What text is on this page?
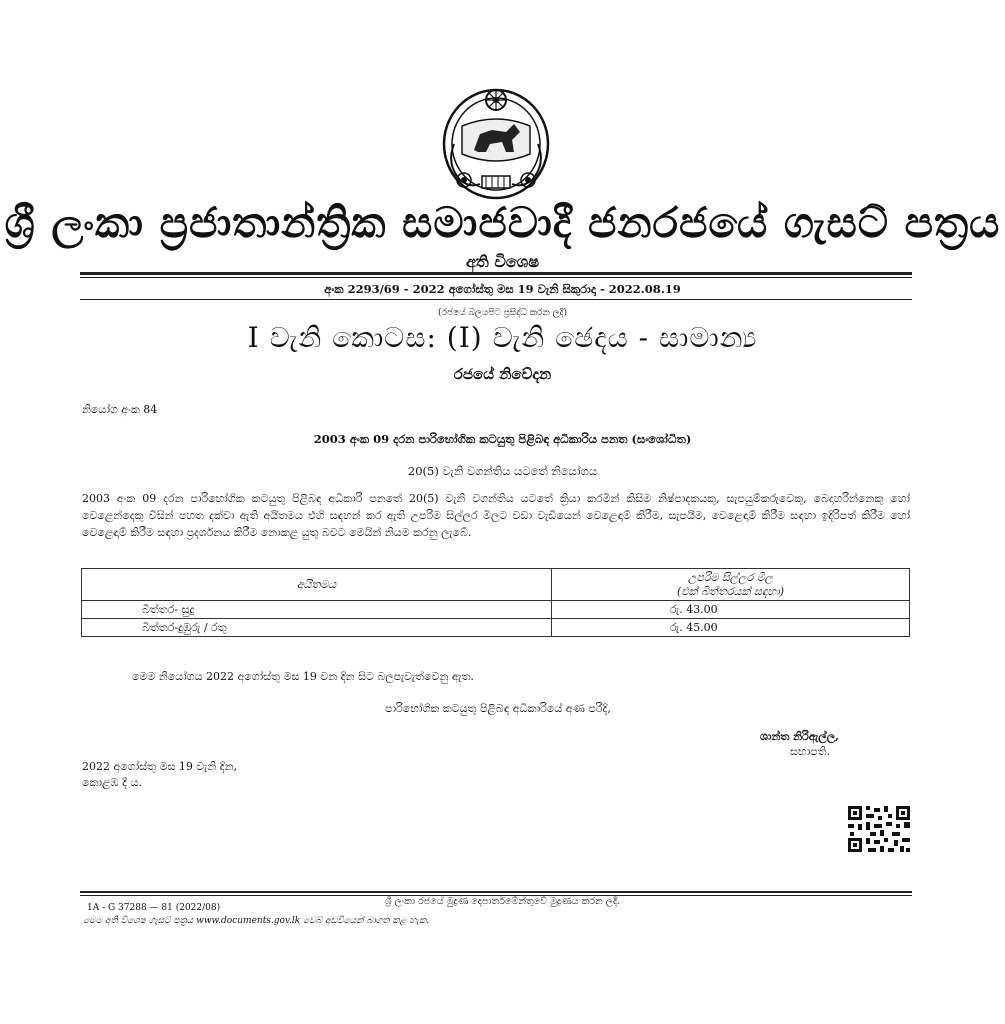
ශ්‍රී ලංකා ප්‍රජාතාන්ත්‍රික සමාජවාදී ජනරජයේ ගැසට් පත්‍රය
අති විශෙෂ
අංක 2293/69 - 2022 අගෝස්තු මස 19 වැනි සිකුරාදා - 2022.08.19
(රජයේ බලයපිට ප්‍රසිද්ධ කරන ලදී)
I වැනි කොටස: (I) වැනි ඡෙදය - සාමාන්‍ය
රජයේ නිවේදන
නියෝග අංක 84
2003 අංක 09 දරන පාරිභෝගික කටයුතු පිළිබඳ අධිකාරිය පනත (සංශෝධිත)
20(5) වැනි වගන්තිය යටතේ නියෝගය
2003 අංක 09 දරන පාරිභෝගික කටයුතු පිළිබඳ අධිකාරි පනතේ 20(5) වැනි වගන්තිය යටතේ ක්‍රියා කරමින් කිසිම නිෂ්පාදකයකු, සැපයුම්කරුවෙකු, බෙදාහරින්නෙකු හෝ වෙළෙන්දෙකු විසින් පහත දක්වා ඇති අයිතමය එහි සඳහන් කර ඇති උපරිම සිල්ලර මිලට වඩා වැඩියෙන් වෙළෙඳාම් කිරීම, සැපයීම, වෙළෙඳාම් කිරීම සඳහා ඉදිරිපත් කිරීම හෝ වෙළෙඳාම් කිරීම සඳහා ප්‍රදර්ශනය කිරීම නොකළ යුතු බවට මෙයින් නියම කරනු ලැබේ.
අයිතමය	උපරිම සිල්ලර මිල
(එක් බිත්තරයක් සඳහා)

බිත්තර- සුදු	රු. 43.00
බිත්තර-දුඹුරු / රතු	රු. 45.00
මෙම නියෝගය 2022 අගෝස්තු මස 19 වන දින සිට බලපැවැත්වෙනු ඇත.
පාරිභෝගික කටයුතු පිළිබඳ අධිකාරියේ අණ පරිදි,
ශාන්ත නිරිඇල්ල,
සභාපති.
2022 අගෝස්තු මස 19 වැනි දින,
කොළඹ දී ය.
ශ්‍රී ලංකා රජයේ මුද්‍රණ දෙපාර්තමේන්තුවේ මුද්‍රණය කරන ලදී.
1A - G 37288 — 81 (2022/08)
මෙම අති විශෙෂ ගැසට් පත්‍රය www.documents.gov.lk වෙබ් අඩවියෙන් බාගත කළ හැක.
